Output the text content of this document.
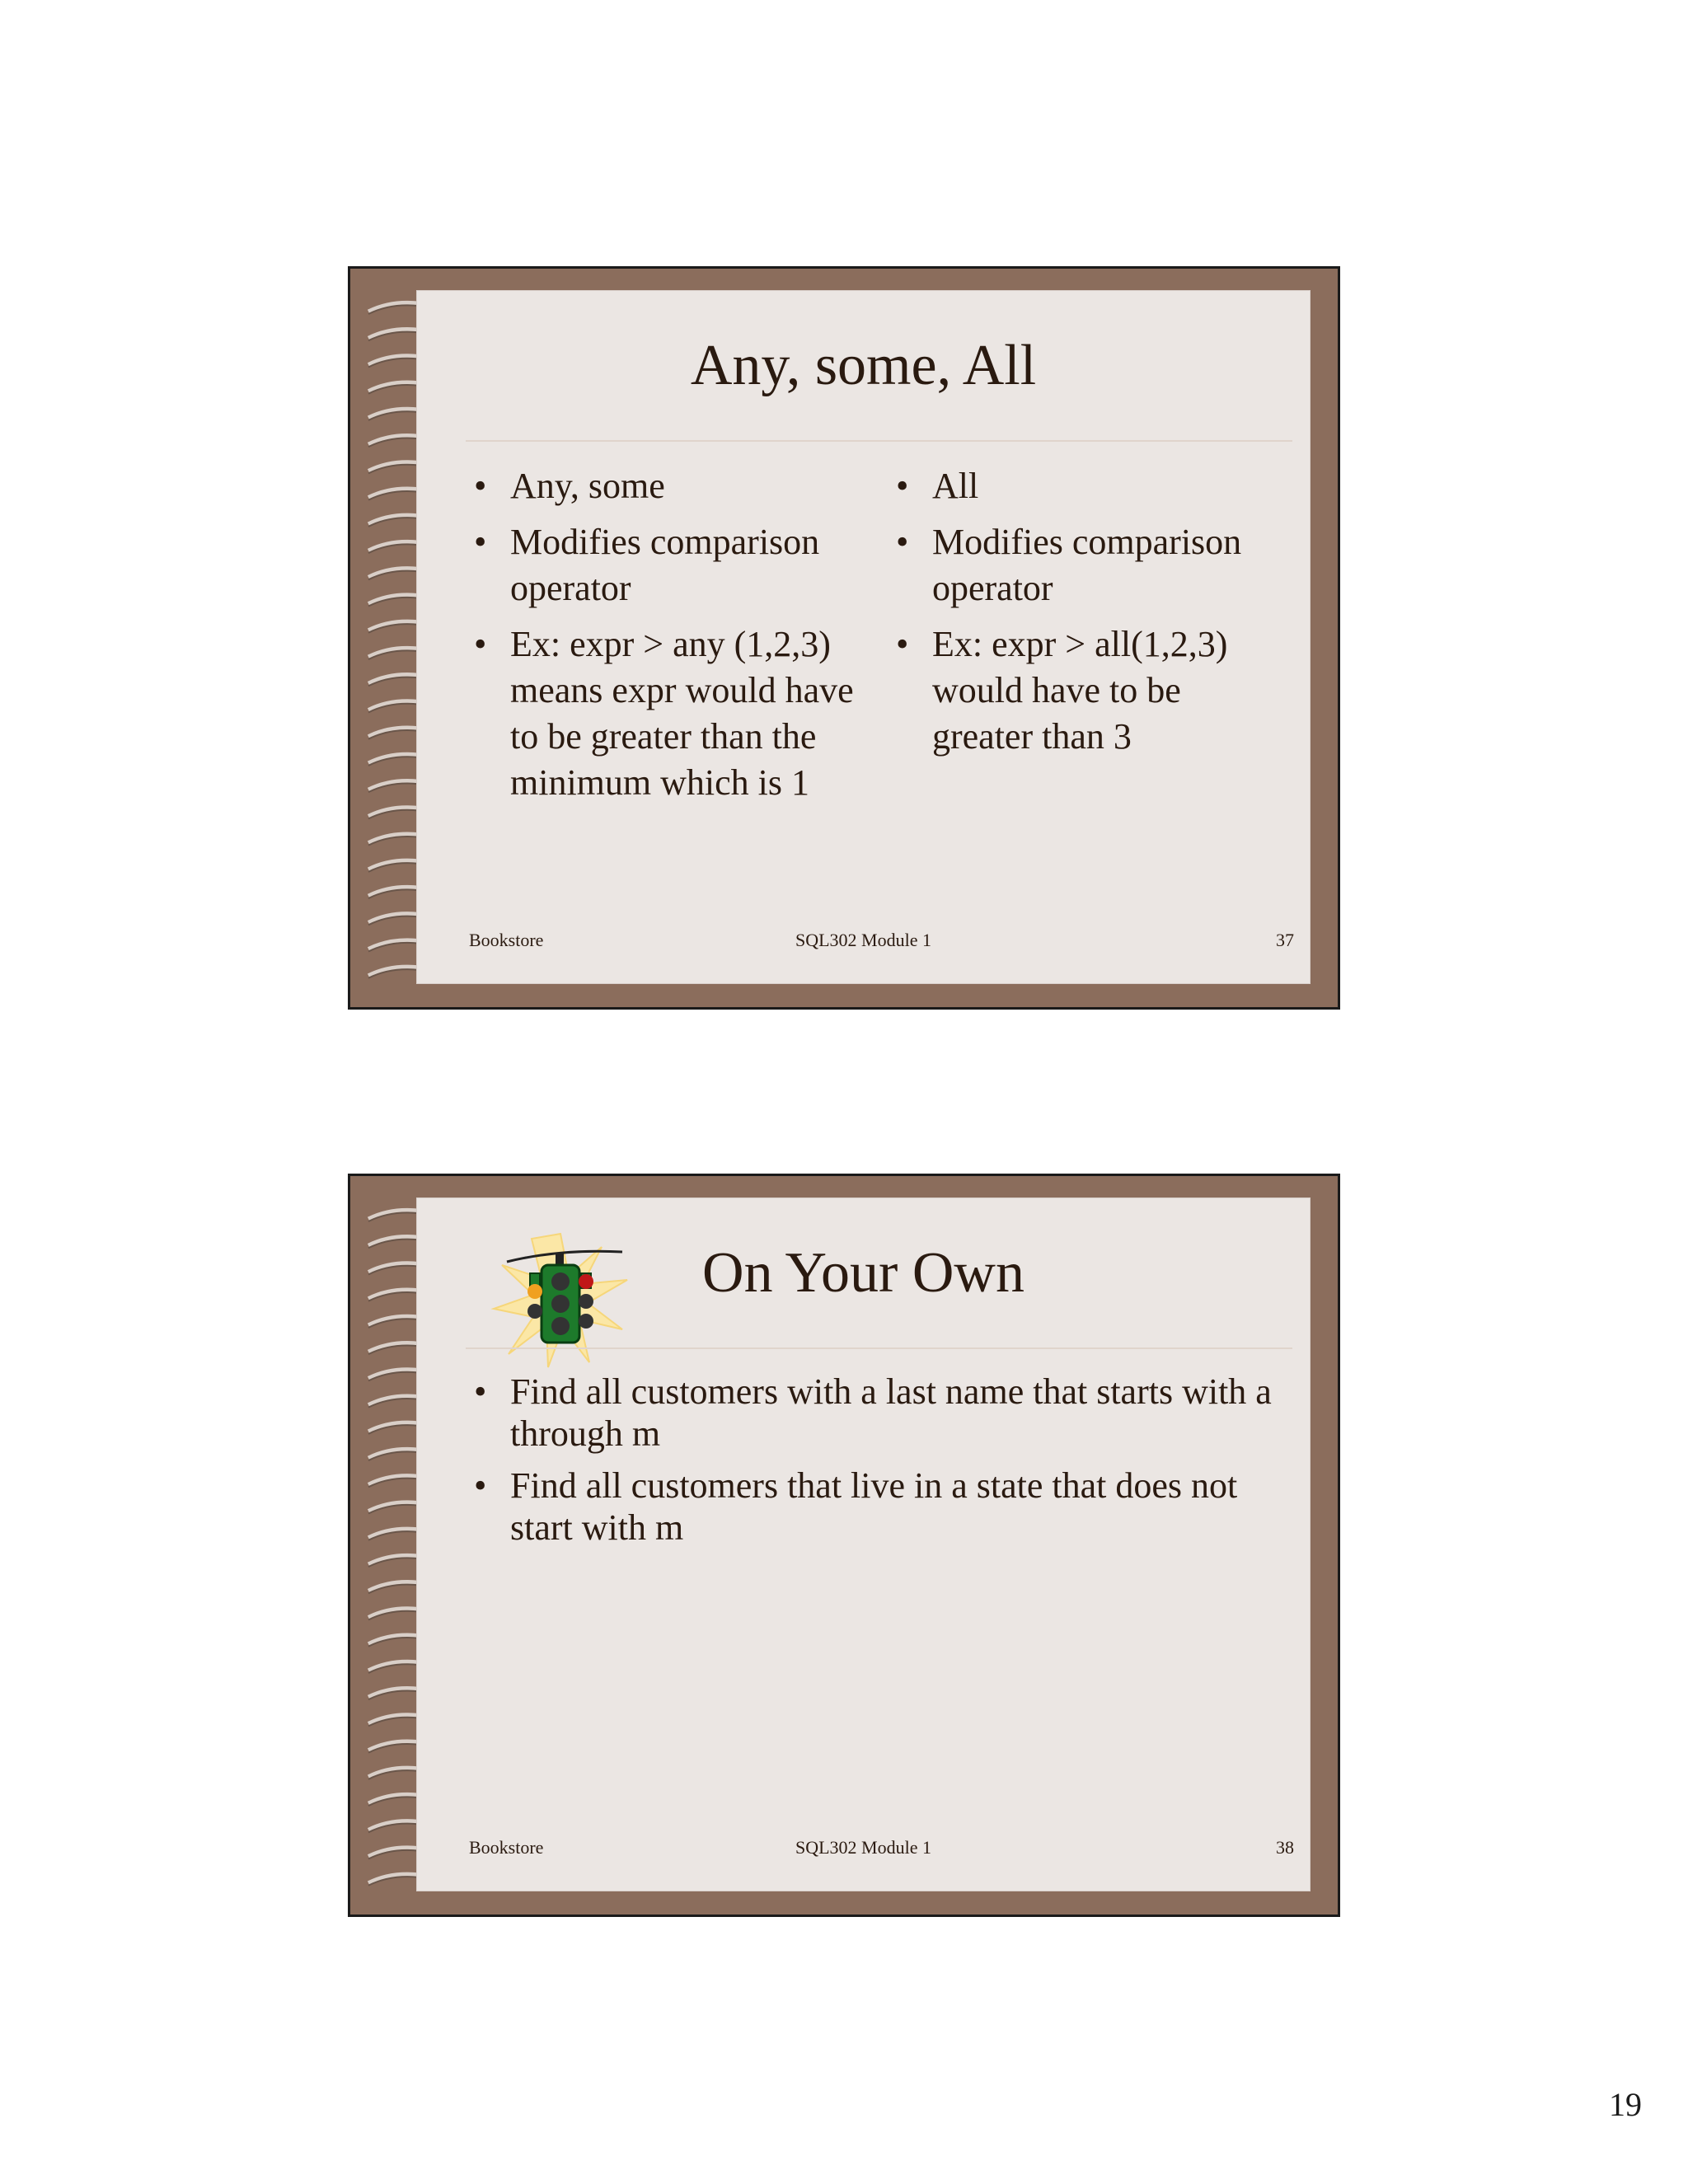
Any, some, All
• Any, some
• Modifies comparison operator
• Ex: expr > any (1,2,3) means expr would have to be greater than the minimum which is 1
• All
• Modifies comparison operator
• Ex: expr > all(1,2,3) would have to be greater than 3
Bookstore	SQL302 Module 1	37
On Your Own
• Find all customers with a last name that starts with a through m
• Find all customers that live in a state that does not start with m
Bookstore	SQL302 Module 1	38
19
